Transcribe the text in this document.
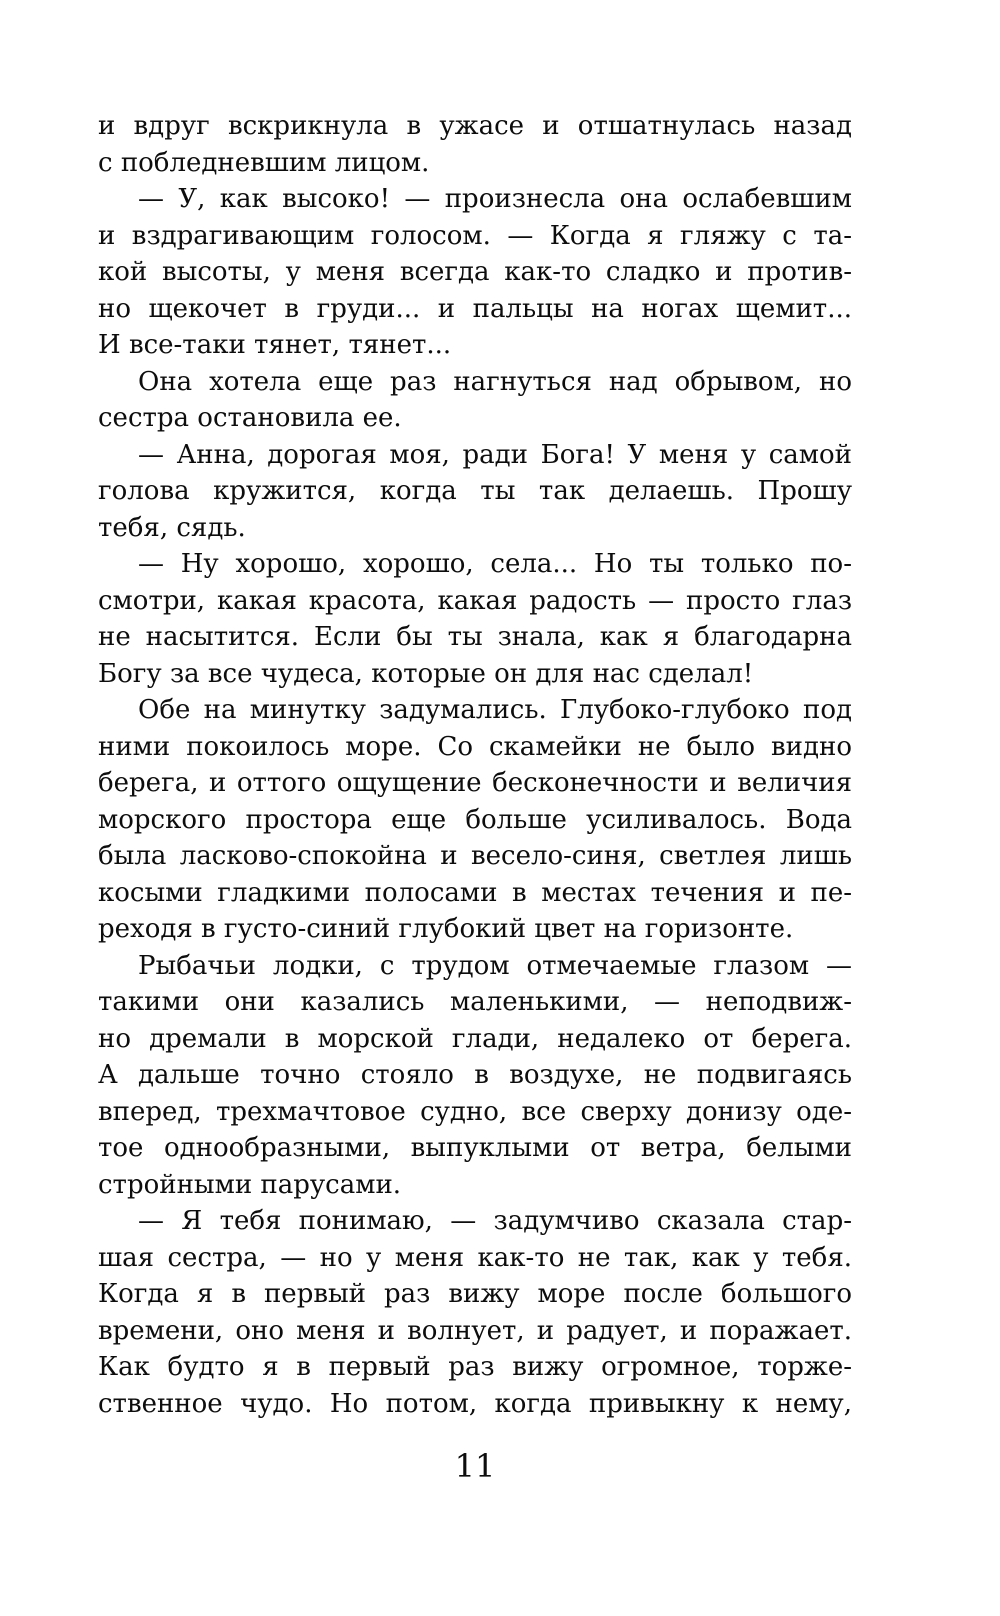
и вдруг вскрикнула в ужасе и отшатнулась назад
с побледневшим лицом.
— У, как высоко! — произнесла она ослабевшим
и вздрагивающим голосом. — Когда я гляжу с та-
кой высоты, у меня всегда как-то сладко и против-
но щекочет в груди... и пальцы на ногах щемит...
И все-таки тянет, тянет...
Она хотела еще раз нагнуться над обрывом, но
сестра остановила ее.
— Анна, дорогая моя, ради Бога! У меня у самой
голова кружится, когда ты так делаешь. Прошу
тебя, сядь.
— Ну хорошо, хорошо, села... Но ты только по-
смотри, какая красота, какая радость — просто глаз
не насытится. Если бы ты знала, как я благодарна
Богу за все чудеса, которые он для нас сделал!
Обе на минутку задумались. Глубоко-глубоко под
ними покоилось море. Со скамейки не было видно
берега, и оттого ощущение бесконечности и величия
морского простора еще больше усиливалось. Вода
была ласково-спокойна и весело-синя, светлея лишь
косыми гладкими полосами в местах течения и пе-
реходя в густо-синий глубокий цвет на горизонте.
Рыбачьи лодки, с трудом отмечаемые глазом —
такими они казались маленькими, — неподвиж-
но дремали в морской глади, недалеко от берега.
А дальше точно стояло в воздухе, не подвигаясь
вперед, трехмачтовое судно, все сверху донизу оде-
тое однообразными, выпуклыми от ветра, белыми
стройными парусами.
— Я тебя понимаю, — задумчиво сказала стар-
шая сестра, — но у меня как-то не так, как у тебя.
Когда я в первый раз вижу море после большого
времени, оно меня и волнует, и радует, и поражает.
Как будто я в первый раз вижу огромное, торже-
ственное чудо. Но потом, когда привыкну к нему,
11
